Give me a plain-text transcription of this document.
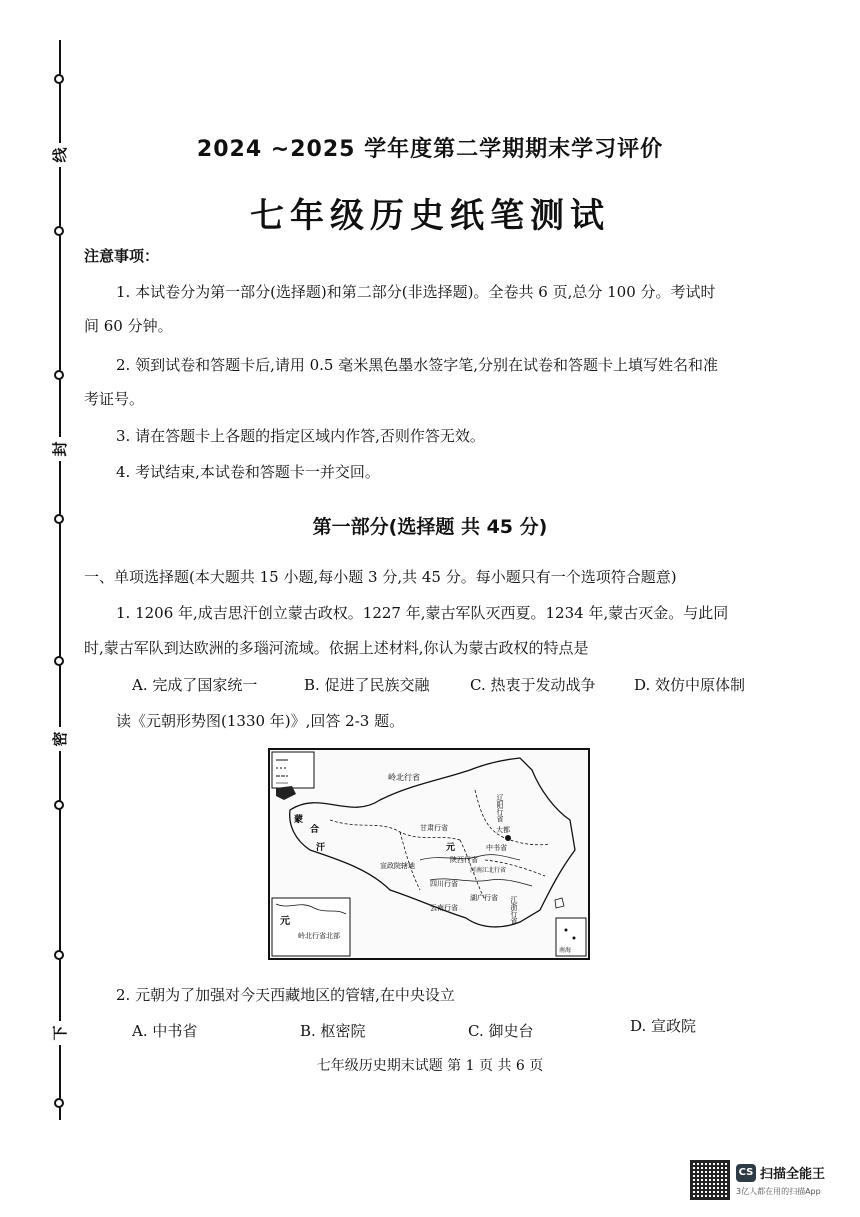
线
封
密
下
2024 ~2025 学年度第二学期期末学习评价
七年级历史纸笔测试
注意事项：
1. 本试卷分为第一部分(选择题)和第二部分(非选择题)。全卷共 6 页,总分 100 分。考试时
间 60 分钟。
2. 领到试卷和答题卡后,请用 0.5 毫米黑色墨水签字笔,分别在试卷和答题卡上填写姓名和准
考证号。
3. 请在答题卡上各题的指定区域内作答,否则作答无效。
4. 考试结束,本试卷和答题卡一并交回。
第一部分(选择题 共 45 分)
一、单项选择题(本大题共 15 小题,每小题 3 分,共 45 分。每小题只有一个选项符合题意)
1. 1206 年,成吉思汗创立蒙古政权。1227 年,蒙古军队灭西夏。1234 年,蒙古灭金。与此同
时,蒙古军队到达欧洲的多瑙河流域。依据上述材料,你认为蒙古政权的特点是
A. 完成了国家统一	B. 促进了民族交融	C. 热衷于发动战争	D. 效仿中原体制
读《元朝形势图(1330 年)》,回答 2-3 题。
岭北行省
蒙
合
汗
辽阳行省
大都
中书省
甘肃行省
元
陕西行省
河南江北行省
宣政院辖地
四川行省
湖广行省 江浙行省
云南行省
元
岭北行省北部
南海
2. 元朝为了加强对今天西藏地区的管辖,在中央设立
A. 中书省	B. 枢密院	C. 御史台	D. 宣政院
七年级历史期末试题 第 1 页 共 6 页
CS 扫描全能王
3亿人都在用的扫描App
